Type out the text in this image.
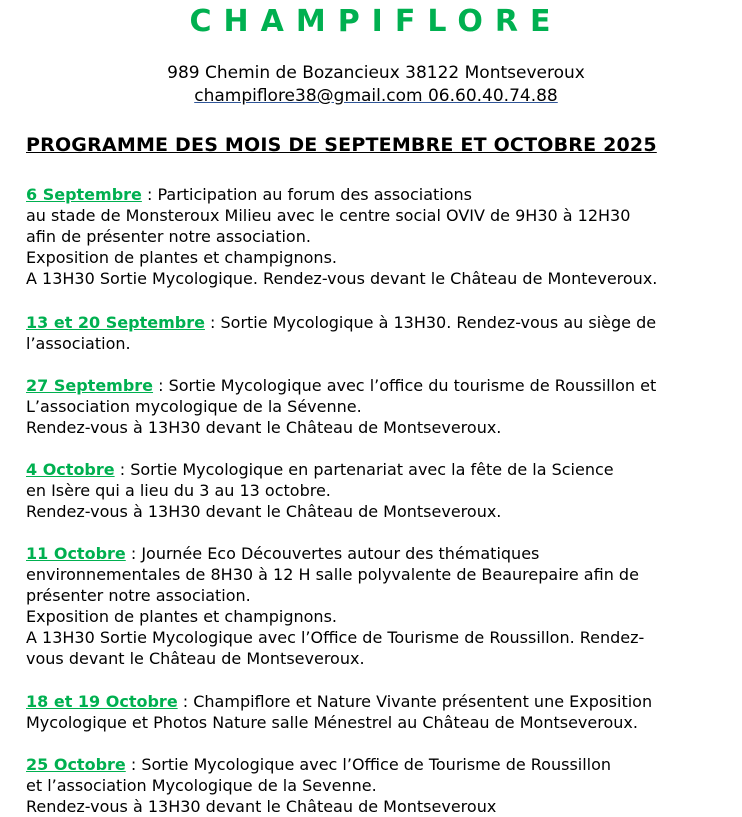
CHAMPIFLORE
989 Chemin de Bozancieux 38122 Montseveroux
champiflore38@gmail.com 06.60.40.74.88
PROGRAMME DES MOIS DE SEPTEMBRE ET OCTOBRE 2025
6 Septembre : Participation au forum des associations
au stade de Monsteroux Milieu avec le centre social OVIV de 9H30 à 12H30
afin de présenter notre association.
Exposition de plantes et champignons.
A 13H30 Sortie Mycologique. Rendez-vous devant le Château de Monteveroux.
13 et 20 Septembre : Sortie Mycologique à 13H30. Rendez-vous au siège de
l’association.
27 Septembre : Sortie Mycologique avec l’office du tourisme de Roussillon et
L’association mycologique de la Sévenne.
Rendez-vous à 13H30 devant le Château de Montseveroux.
4 Octobre : Sortie Mycologique en partenariat avec la fête de la Science
en Isère qui a lieu du 3 au 13 octobre.
Rendez-vous à 13H30 devant le Château de Montseveroux.
11 Octobre : Journée Eco Découvertes autour des thématiques
environnementales de 8H30 à 12 H salle polyvalente de Beaurepaire afin de
présenter notre association.
Exposition de plantes et champignons.
A 13H30 Sortie Mycologique avec l’Office de Tourisme de Roussillon. Rendez-
vous devant le Château de Montseveroux.
18 et 19 Octobre : Champiflore et Nature Vivante présentent une Exposition
Mycologique et Photos Nature salle Ménestrel au Château de Montseveroux.
25 Octobre : Sortie Mycologique avec l’Office de Tourisme de Roussillon
et l’association Mycologique de la Sevenne.
Rendez-vous à 13H30 devant le Château de Montseveroux
